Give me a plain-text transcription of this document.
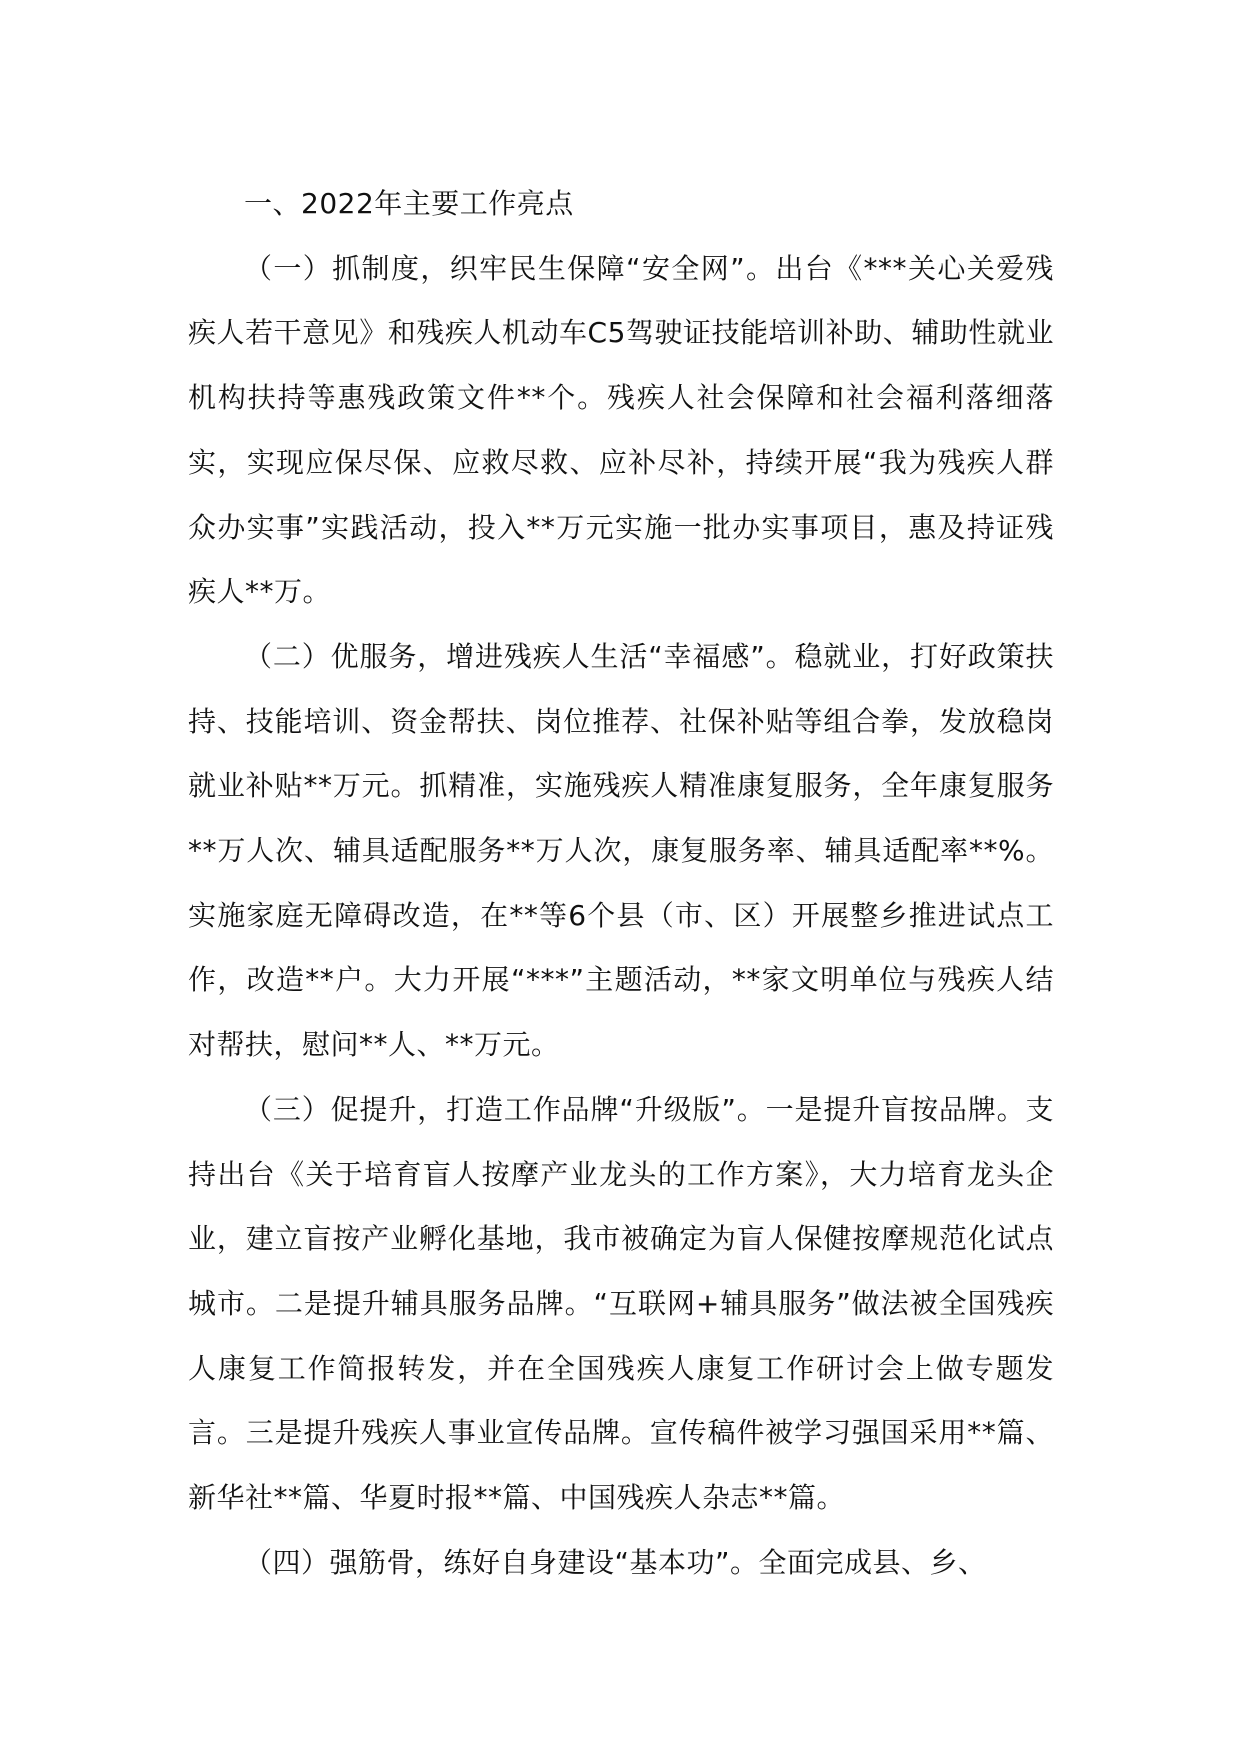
一、2022年主要工作亮点

（一）抓制度，织牢民生保障“安全网”。出台《***关心关爱残疾人若干意见》和残疾人机动车C5驾驶证技能培训补助、辅助性就业机构扶持等惠残政策文件**个。残疾人社会保障和社会福利落细落实，实现应保尽保、应救尽救、应补尽补，持续开展“我为残疾人群众办实事”实践活动，投入**万元实施一批办实事项目，惠及持证残疾人**万。

（二）优服务，增进残疾人生活“幸福感”。稳就业，打好政策扶持、技能培训、资金帮扶、岗位推荐、社保补贴等组合拳，发放稳岗就业补贴**万元。抓精准，实施残疾人精准康复服务，全年康复服务**万人次、辅具适配服务**万人次，康复服务率、辅具适配率**%。实施家庭无障碍改造，在**等6个县（市、区）开展整乡推进试点工作，改造**户。大力开展“***”主题活动，**家文明单位与残疾人结对帮扶，慰问**人、**万元。

（三）促提升，打造工作品牌“升级版”。一是提升盲按品牌。支持出台《关于培育盲人按摩产业龙头的工作方案》，大力培育龙头企业，建立盲按产业孵化基地，我市被确定为盲人保健按摩规范化试点城市。二是提升辅具服务品牌。“互联网+辅具服务”做法被全国残疾人康复工作简报转发，并在全国残疾人康复工作研讨会上做专题发言。三是提升残疾人事业宣传品牌。宣传稿件被学习强国采用**篇、新华社**篇、华夏时报**篇、中国残疾人杂志**篇。

（四）强筋骨，练好自身建设“基本功”。全面完成县、乡、
